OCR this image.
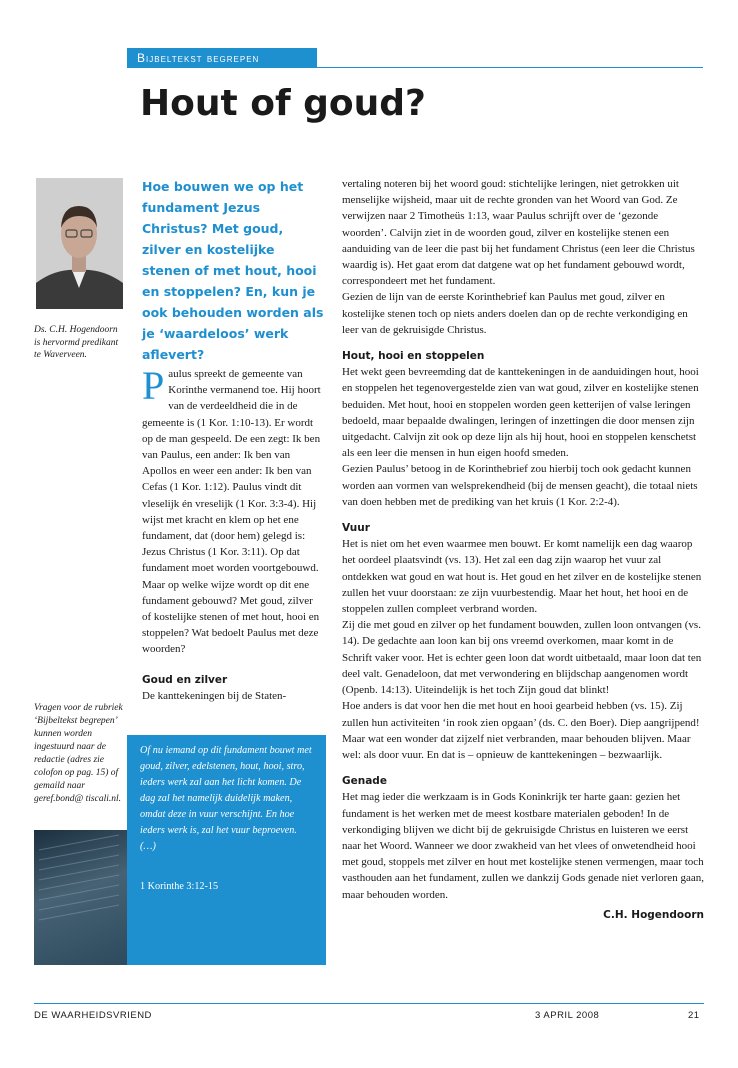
Bijbeltekst begrepen
Hout of goud?
Ds. C.H. Hogendoorn is hervormd predikant te Waverveen.
Hoe bouwen we op het fundament Jezus Christus? Met goud, zilver en kostelijke stenen of met hout, hooi en stoppelen? En, kun je ook behouden worden als je ‘waardeloos’ werk aflevert?
Paulus spreekt de gemeente van Korinthe vermanend toe. Hij hoort van de verdeeldheid die in de gemeente is (1 Kor. 1:10-13). Er wordt op de man gespeeld. De een zegt: Ik ben van Paulus, een ander: Ik ben van Apollos en weer een ander: Ik ben van Cefas (1 Kor. 1:12). Paulus vindt dit vleselijk én vreselijk (1 Kor. 3:3-4). Hij wijst met kracht en klem op het ene fundament, dat (door hem) gelegd is: Jezus Christus (1 Kor. 3:11). Op dat fundament moet worden voortgebouwd.
Maar op welke wijze wordt op dit ene fundament gebouwd? Met goud, zilver of kostelijke stenen of met hout, hooi en stoppelen? Wat bedoelt Paulus met deze woorden?
Goud en zilver
De kanttekeningen bij de Staten-
Vragen voor de rubriek ‘Bijbeltekst begrepen’ kunnen worden ingestuurd naar de redactie (adres zie colofon op pag. 15) of gemaild naar geref.bond@ tiscali.nl.
Of nu iemand op dit fundament bouwt met goud, zilver, edelstenen, hout, hooi, stro, ieders werk zal aan het licht komen. De dag zal het namelijk duidelijk maken, omdat deze in vuur verschijnt. En hoe ieders werk is, zal het vuur beproeven. (…)
1 Korinthe 3:12-15

vertaling noteren bij het woord goud: stichtelijke leringen, niet getrokken uit menselijke wijsheid, maar uit de rechte gronden van het Woord van God. Ze verwijzen naar 2 Timotheüs 1:13, waar Paulus schrijft over de ‘gezonde woorden’. Calvijn ziet in de woorden goud, zilver en kostelijke stenen een aanduiding van de leer die past bij het fundament Christus (een leer die Christus waardig is). Het gaat erom dat datgene wat op het fundament gebouwd wordt, correspondeert met het fundament.

Gezien de lijn van de eerste Korinthebrief kan Paulus met goud, zilver en kostelijke stenen toch op niets anders doelen dan op de rechte verkondiging en leer van de gekruisigde Christus.

Hout, hooi en stoppelen

Het wekt geen bevreemding dat de kanttekeningen in de aanduidingen hout, hooi en stoppelen het tegenovergestelde zien van wat goud, zilver en kostelijke stenen beduiden. Met hout, hooi en stoppelen worden geen ketterijen of valse leringen bedoeld, maar bepaalde dwalingen, leringen of inzettingen die door mensen zijn uitgedacht. Calvijn zit ook op deze lijn als hij hout, hooi en stoppelen kenschetst als een leer die mensen in hun eigen hoofd smeden.

Gezien Paulus’ betoog in de Korinthebrief zou hierbij toch ook gedacht kunnen worden aan vormen van welsprekendheid (bij de mensen geacht), die totaal niets van doen hebben met de prediking van het kruis (1 Kor. 2:2-4).

Vuur

Het is niet om het even waarmee men bouwt. Er komt namelijk een dag waarop het oordeel plaatsvindt (vs. 13). Het zal een dag zijn waarop het vuur zal ontdekken wat goud en wat hout is. Het goud en het zilver en de kostelijke stenen zullen het vuur doorstaan: ze zijn vuurbestendig. Maar het hout, het hooi en de stoppelen zullen compleet verbrand worden.

Zij die met goud en zilver op het fundament bouwden, zullen loon ontvangen (vs. 14). De gedachte aan loon kan bij ons vreemd overkomen, maar komt in de Schrift vaker voor. Het is echter geen loon dat wordt uitbetaald, maar loon dat ten deel valt. Genadeloon, dat met verwondering en blijdschap aangenomen wordt (Openb. 14:13). Uiteindelijk is het toch Zijn goud dat blinkt!

Hoe anders is dat voor hen die met hout en hooi gearbeid hebben (vs. 15). Zij zullen hun activiteiten ‘in rook zien opgaan’ (ds. C. den Boer). Diep aangrijpend! Maar wat een wonder dat zijzelf niet verbranden, maar behouden blijven. Maar wel: als door vuur. En dat is – opnieuw de kanttekeningen – bezwaarlijk.

Genade

Het mag ieder die werkzaam is in Gods Koninkrijk ter harte gaan: gezien het fundament is het werken met de meest kostbare materialen geboden! In de verkondiging blijven we dicht bij de gekruisigde Christus en luisteren we eerst naar het Woord. Wanneer we door zwakheid van het vlees of onwetendheid hooi met goud, stoppels met zilver en hout met kostelijke stenen vermengen, maar toch vasthouden aan het fundament, zullen we dankzij Gods genade niet verloren gaan, maar behouden worden.

C.H. Hogendoorn
DE WAARHEIDSVRIEND	3 APRIL 2008	21
